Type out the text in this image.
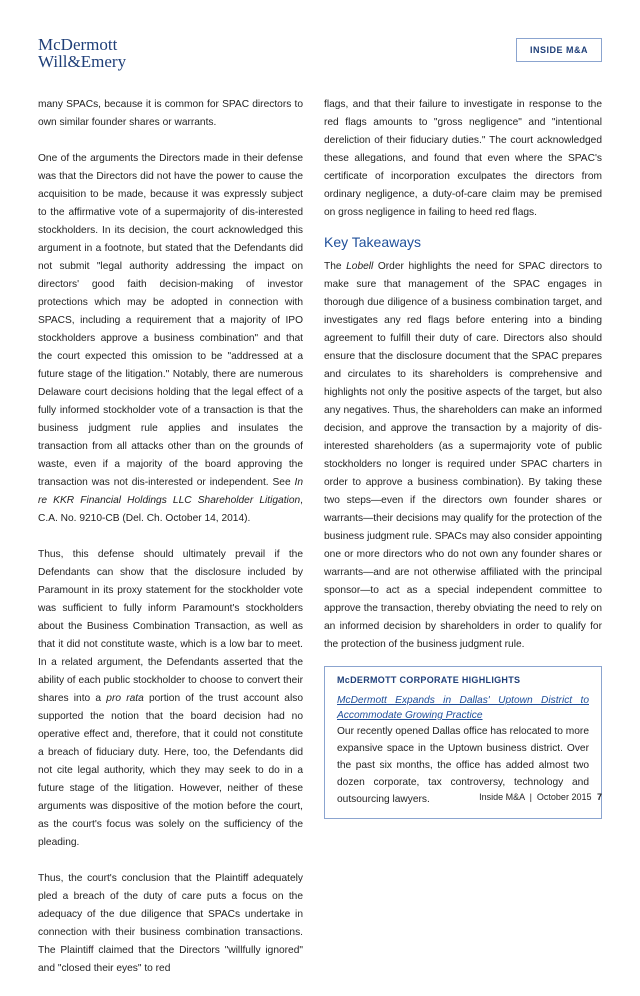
McDermott
Will&Emery
INSIDE M&A

many SPACs, because it is common for SPAC directors to own similar founder shares or warrants.

One of the arguments the Directors made in their defense was that the Directors did not have the power to cause the acquisition to be made, because it was expressly subject to the affirmative vote of a supermajority of dis-interested stockholders. In its decision, the court acknowledged this argument in a footnote, but stated that the Defendants did not submit "legal authority addressing the impact on directors' good faith decision-making of investor protections which may be adopted in connection with SPACS, including a requirement that a majority of IPO stockholders approve a business combination" and that the court expected this omission to be "addressed at a future stage of the litigation." Notably, there are numerous Delaware court decisions holding that the legal effect of a fully informed stockholder vote of a transaction is that the business judgment rule applies and insulates the transaction from all attacks other than on the grounds of waste, even if a majority of the board approving the transaction was not dis-interested or independent. See In re KKR Financial Holdings LLC Shareholder Litigation, C.A. No. 9210-CB (Del. Ch. October 14, 2014).

Thus, this defense should ultimately prevail if the Defendants can show that the disclosure included by Paramount in its proxy statement for the stockholder vote was sufficient to fully inform Paramount's stockholders about the Business Combination Transaction, as well as that it did not constitute waste, which is a low bar to meet. In a related argument, the Defendants asserted that the ability of each public stockholder to choose to convert their shares into a pro rata portion of the trust account also supported the notion that the board decision had no operative effect and, therefore, that it could not constitute a breach of fiduciary duty. Here, too, the Defendants did not cite legal authority, which they may seek to do in a future stage of the litigation. However, neither of these arguments was dispositive of the motion before the court, as the court's focus was solely on the sufficiency of the pleading.

Thus, the court's conclusion that the Plaintiff adequately pled a breach of the duty of care puts a focus on the adequacy of the due diligence that SPACs undertake in connection with their business combination transactions. The Plaintiff claimed that the Directors "willfully ignored" and "closed their eyes" to red

flags, and that their failure to investigate in response to the red flags amounts to "gross negligence" and "intentional dereliction of their fiduciary duties." The court acknowledged these allegations, and found that even where the SPAC's certificate of incorporation exculpates the directors from ordinary negligence, a duty-of-care claim may be premised on gross negligence in failing to heed red flags.

Key Takeaways

The Lobell Order highlights the need for SPAC directors to make sure that management of the SPAC engages in thorough due diligence of a business combination target, and investigates any red flags before entering into a binding agreement to fulfill their duty of care. Directors also should ensure that the disclosure document that the SPAC prepares and circulates to its shareholders is comprehensive and highlights not only the positive aspects of the target, but also any negatives. Thus, the shareholders can make an informed decision, and approve the transaction by a majority of dis-interested shareholders (as a supermajority vote of public stockholders no longer is required under SPAC charters in order to approve a business combination). By taking these two steps—even if the directors own founder shares or warrants—their decisions may qualify for the protection of the business judgment rule. SPACs may also consider appointing one or more directors who do not own any founder shares or warrants—and are not otherwise affiliated with the principal sponsor—to act as a special independent committee to approve the transaction, thereby obviating the need to rely on an informed decision by shareholders in order to qualify for the protection of the business judgment rule.

McDERMOTT CORPORATE HIGHLIGHTS
McDermott Expands in Dallas' Uptown District to Accommodate Growing Practice

Our recently opened Dallas office has relocated to more expansive space in the Uptown business district. Over the past six months, the office has added almost two dozen corporate, tax controversy, technology and outsourcing lawyers.	Inside M&A  |  October 2015 7
